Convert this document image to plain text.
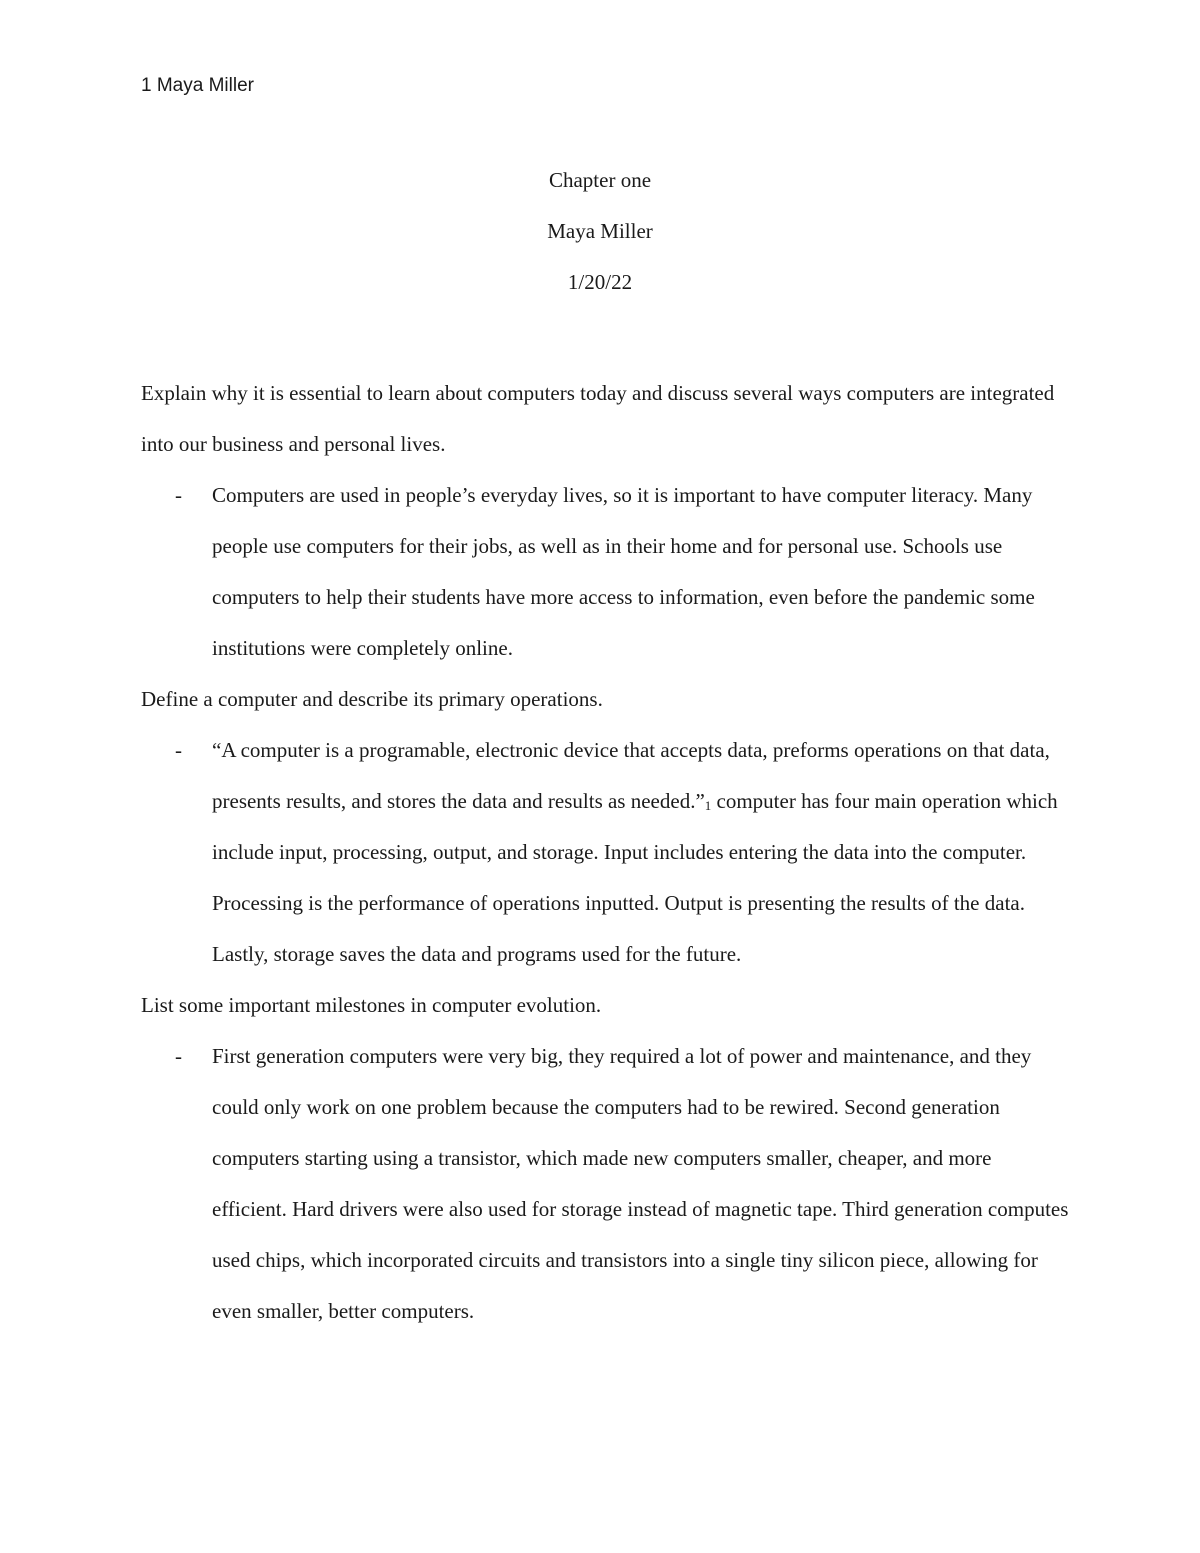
1 Maya Miller
Chapter one
Maya Miller
1/20/22

Explain why it is essential to learn about computers today and discuss several ways computers are integrated into our business and personal lives.

- Computers are used in people’s everyday lives, so it is important to have computer literacy. Many people use computers for their jobs, as well as in their home and for personal use. Schools use computers to help their students have more access to information, even before the pandemic some institutions were completely online.

Define a computer and describe its primary operations.

- “A computer is a programable, electronic device that accepts data, preforms operations on that data, presents results, and stores the data and results as $needed.”_1$ computer has four main operation which include input, processing, output, and storage. Input includes entering the data into the computer. Processing is the performance of operations inputted. Output is presenting the results of the data. Lastly, storage saves the data and programs used for the future.

List some important milestones in computer evolution.

- First generation computers were very big, they required a lot of power and maintenance, and they could only work on one problem because the computers had to be rewired. Second generation computers starting using a transistor, which made new computers smaller, cheaper, and more efficient. Hard drivers were also used for storage instead of magnetic tape. Third generation computes used chips, which incorporated circuits and transistors into a single tiny silicon piece, allowing for even smaller, better computers.
